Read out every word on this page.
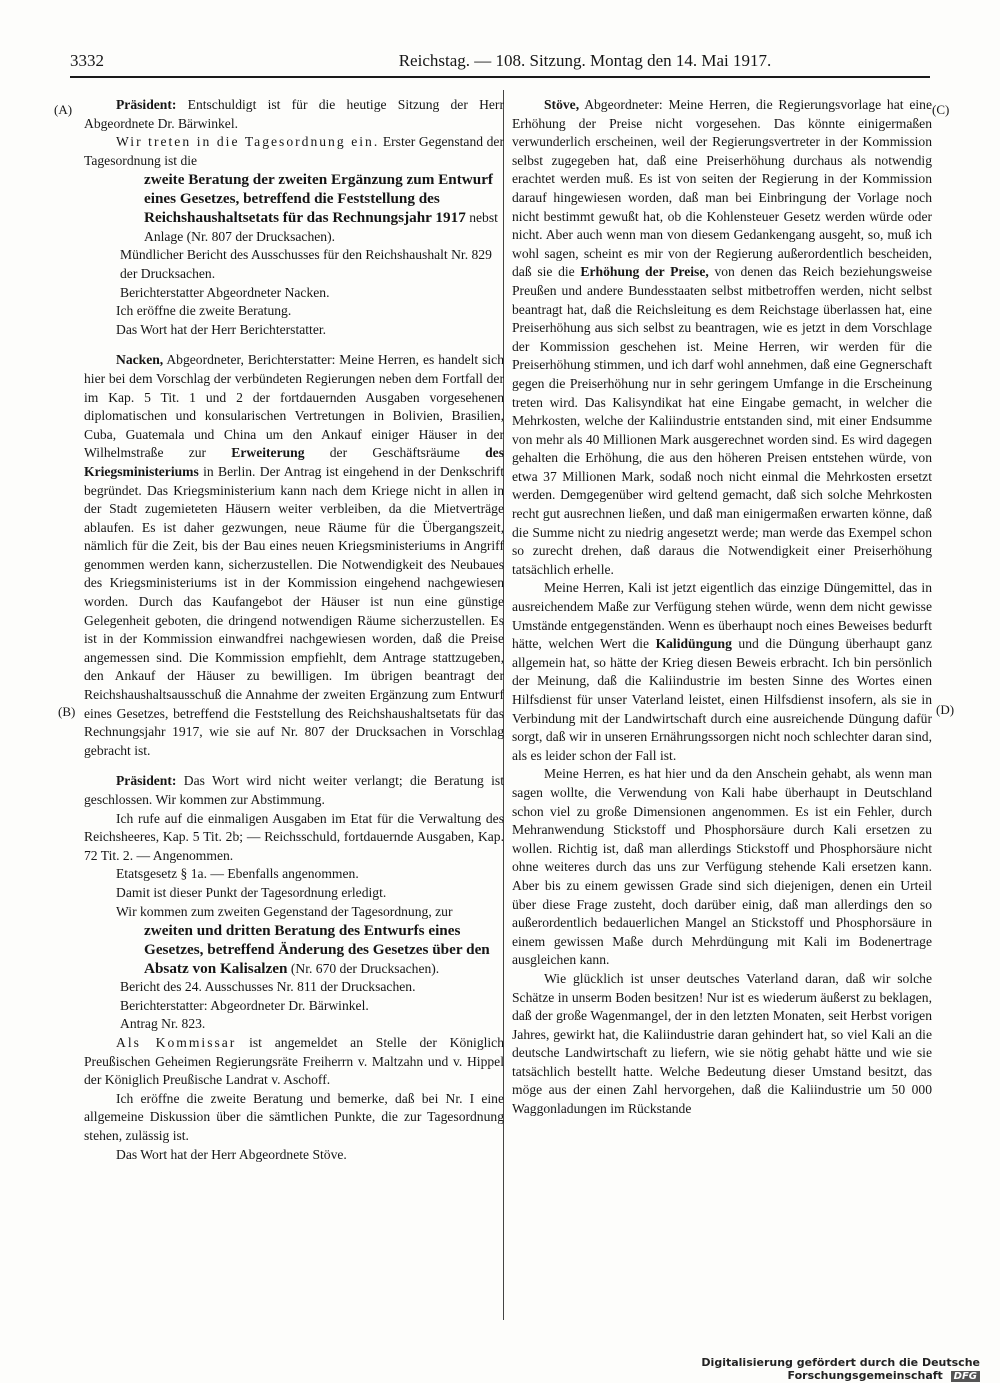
3332	Reichstag. — 108. Sitzung. Montag den 14. Mai 1917.
(A)
(B)
(C)
(D)

Präsident: Entschuldigt ist für die heutige Sitzung der Herr Abgeordnete Dr. Bärwinkel.

Wir treten in die Tagesordnung ein. Erster Gegenstand der Tagesordnung ist die

zweite Beratung der zweiten Ergänzung zum Entwurf eines Gesetzes, betreffend die Feststellung des Reichshaushaltsetats für das Rechnungsjahr 1917 nebst Anlage (Nr. 807 der Drucksachen).

Mündlicher Bericht des Ausschusses für den Reichshaushalt Nr. 829 der Drucksachen.

Berichterstatter Abgeordneter Nacken.

Ich eröffne die zweite Beratung.

Das Wort hat der Herr Berichterstatter.

Nacken, Abgeordneter, Berichterstatter: Meine Herren, es handelt sich hier bei dem Vorschlag der verbündeten Regierungen neben dem Fortfall der im Kap. 5 Tit. 1 und 2 der fortdauernden Ausgaben vorgesehenen diplomatischen und konsularischen Vertretungen in Bolivien, Brasilien, Cuba, Guatemala und China um den Ankauf einiger Häuser in der Wilhelmstraße zur Erweiterung der Geschäftsräume des Kriegsministeriums in Berlin. Der Antrag ist eingehend in der Denkschrift begründet. Das Kriegsministerium kann nach dem Kriege nicht in allen in der Stadt zugemieteten Häusern weiter verbleiben, da die Mietverträge ablaufen. Es ist daher gezwungen, neue Räume für die Übergangszeit, nämlich für die Zeit, bis der Bau eines neuen Kriegsministeriums in Angriff genommen werden kann, sicherzustellen. Die Notwendigkeit des Neubaues des Kriegsministeriums ist in der Kommission eingehend nachgewiesen worden. Durch das Kaufangebot der Häuser ist nun eine günstige Gelegenheit geboten, die dringend notwendigen Räume sicherzustellen. Es ist in der Kommission einwandfrei nachgewiesen worden, daß die Preise angemessen sind. Die Kommission empfiehlt, dem Antrage stattzugeben, den Ankauf der Häuser zu bewilligen. Im übrigen beantragt der Reichshaushaltsausschuß die Annahme der zweiten Ergänzung zum Entwurf eines Gesetzes, betreffend die Feststellung des Reichshaushaltsetats für das Rechnungsjahr 1917, wie sie auf Nr. 807 der Drucksachen in Vorschlag gebracht ist.

Präsident: Das Wort wird nicht weiter verlangt; die Beratung ist geschlossen. Wir kommen zur Abstimmung.

Ich rufe auf die einmaligen Ausgaben im Etat für die Verwaltung des Reichsheeres, Kap. 5 Tit. 2b; — Reichsschuld, fortdauernde Ausgaben, Kap. 72 Tit. 2. — Angenommen.

Etatsgesetz § 1a. — Ebenfalls angenommen.

Damit ist dieser Punkt der Tagesordnung erledigt.

Wir kommen zum zweiten Gegenstand der Tagesordnung, zur

zweiten und dritten Beratung des Entwurfs eines Gesetzes, betreffend Änderung des Gesetzes über den Absatz von Kalisalzen (Nr. 670 der Drucksachen).

Bericht des 24. Ausschusses Nr. 811 der Drucksachen.

Berichterstatter: Abgeordneter Dr. Bärwinkel.

Antrag Nr. 823.

Als Kommissar ist angemeldet an Stelle der Königlich Preußischen Geheimen Regierungsräte Freiherrn v. Maltzahn und v. Hippel der Königlich Preußische Landrat v. Aschoff.

Ich eröffne die zweite Beratung und bemerke, daß bei Nr. I eine allgemeine Diskussion über die sämtlichen Punkte, die zur Tagesordnung stehen, zulässig ist.

Das Wort hat der Herr Abgeordnete Stöve.

Stöve, Abgeordneter: Meine Herren, die Regierungsvorlage hat eine Erhöhung der Preise nicht vorgesehen. Das könnte einigermaßen verwunderlich erscheinen, weil der Regierungsvertreter in der Kommission selbst zugegeben hat, daß eine Preiserhöhung durchaus als notwendig erachtet werden muß. Es ist von seiten der Regierung in der Kommission darauf hingewiesen worden, daß man bei Einbringung der Vorlage noch nicht bestimmt gewußt hat, ob die Kohlensteuer Gesetz werden würde oder nicht. Aber auch wenn man von diesem Gedankengang ausgeht, so, muß ich wohl sagen, scheint es mir von der Regierung außerordentlich bescheiden, daß sie die Erhöhung der Preise, von denen das Reich beziehungsweise Preußen und andere Bundesstaaten selbst mitbetroffen werden, nicht selbst beantragt hat, daß die Reichsleitung es dem Reichstage überlassen hat, eine Preiserhöhung aus sich selbst zu beantragen, wie es jetzt in dem Vorschlage der Kommission geschehen ist. Meine Herren, wir werden für die Preiserhöhung stimmen, und ich darf wohl annehmen, daß eine Gegnerschaft gegen die Preiserhöhung nur in sehr geringem Umfange in die Erscheinung treten wird. Das Kalisyndikat hat eine Eingabe gemacht, in welcher die Mehrkosten, welche der Kaliindustrie entstanden sind, mit einer Endsumme von mehr als 40 Millionen Mark ausgerechnet worden sind. Es wird dagegen gehalten die Erhöhung, die aus den höheren Preisen entstehen würde, von etwa 37 Millionen Mark, sodaß noch nicht einmal die Mehrkosten ersetzt werden. Demgegenüber wird geltend gemacht, daß sich solche Mehrkosten recht gut ausrechnen ließen, und daß man einigermaßen erwarten könne, daß die Summe nicht zu niedrig angesetzt werde; man werde das Exempel schon so zurecht drehen, daß daraus die Notwendigkeit einer Preiserhöhung tatsächlich erhelle.

Meine Herren, Kali ist jetzt eigentlich das einzige Düngemittel, das in ausreichendem Maße zur Verfügung stehen würde, wenn dem nicht gewisse Umstände entgegenständen. Wenn es überhaupt noch eines Beweises bedurft hätte, welchen Wert die Kalidüngung und die Düngung überhaupt ganz allgemein hat, so hätte der Krieg diesen Beweis erbracht. Ich bin persönlich der Meinung, daß die Kaliindustrie im besten Sinne des Wortes einen Hilfsdienst für unser Vaterland leistet, einen Hilfsdienst insofern, als sie in Verbindung mit der Landwirtschaft durch eine ausreichende Düngung dafür sorgt, daß wir in unseren Ernährungssorgen nicht noch schlechter daran sind, als es leider schon der Fall ist.

Meine Herren, es hat hier und da den Anschein gehabt, als wenn man sagen wollte, die Verwendung von Kali habe überhaupt in Deutschland schon viel zu große Dimensionen angenommen. Es ist ein Fehler, durch Mehranwendung Stickstoff und Phosphorsäure durch Kali ersetzen zu wollen. Richtig ist, daß man allerdings Stickstoff und Phosphorsäure nicht ohne weiteres durch das uns zur Verfügung stehende Kali ersetzen kann. Aber bis zu einem gewissen Grade sind sich diejenigen, denen ein Urteil über diese Frage zusteht, doch darüber einig, daß man allerdings den so außerordentlich bedauerlichen Mangel an Stickstoff und Phosphorsäure in einem gewissen Maße durch Mehrdüngung mit Kali im Bodenertrage ausgleichen kann.

Wie glücklich ist unser deutsches Vaterland daran, daß wir solche Schätze in unserm Boden besitzen! Nur ist es wiederum äußerst zu beklagen, daß der große Wagenmangel, der in den letzten Monaten, seit Herbst vorigen Jahres, gewirkt hat, die Kaliindustrie daran gehindert hat, so viel Kali an die deutsche Landwirtschaft zu liefern, wie sie nötig gehabt hätte und wie sie tatsächlich bestellt hatte. Welche Bedeutung dieser Umstand besitzt, das möge aus der einen Zahl hervorgehen, daß die Kaliindustrie um 50 000 Waggonladungen im Rückstande

Digitalisierung gefördert durch die Deutsche Forschungsgemeinschaft DFG
